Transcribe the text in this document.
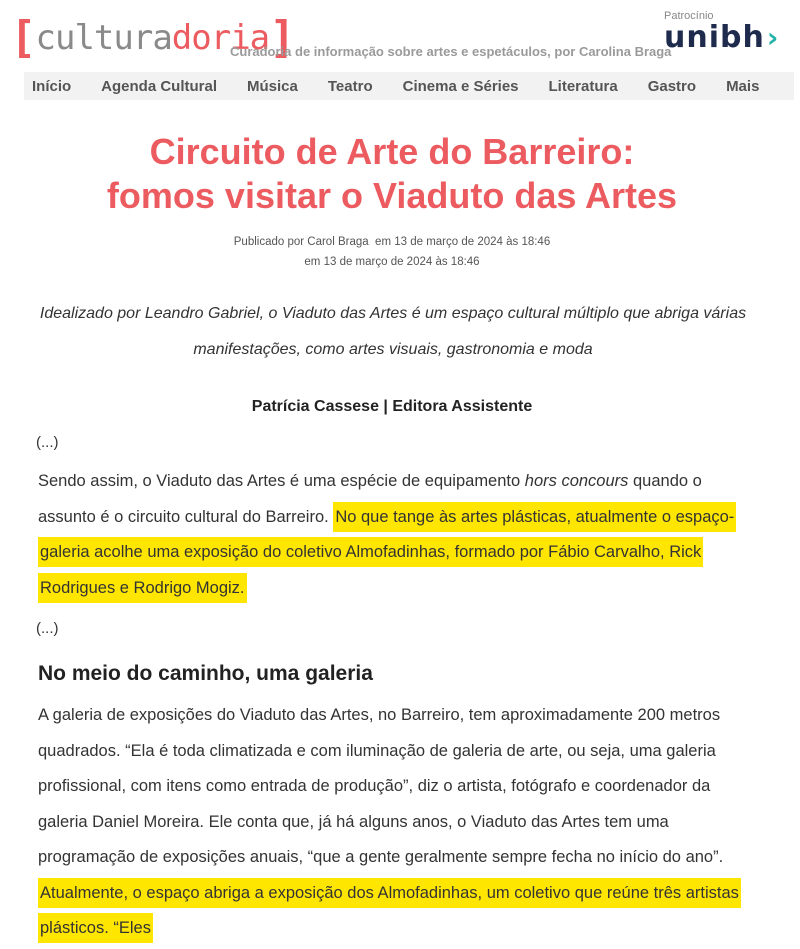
[ cultura doria ]
Curadoria de informação sobre artes e espetáculos, por Carolina Braga
Patrocínio
unibh ›
Início Agenda Cultural Música Teatro Cinema e Séries Literatura Gastro Mais
Circuito de Arte do Barreiro:
fomos visitar o Viaduto das Artes
Publicado por Carol Braga em 13 de março de 2024 às 18:46
em 13 de março de 2024 às 18:46
Idealizado por Leandro Gabriel, o Viaduto das Artes é um espaço cultural múltiplo que abriga várias manifestações, como artes visuais, gastronomia e moda
Patrícia Cassese | Editora Assistente
(...)
Sendo assim, o Viaduto das Artes é uma espécie de equipamento hors concours quando o assunto é o circuito cultural do Barreiro. No que tange às artes plásticas, atualmente o espaço-galeria acolhe uma exposição do coletivo Almofadinhas, formado por Fábio Carvalho, Rick Rodrigues e Rodrigo Mogiz.
(...)
No meio do caminho, uma galeria
A galeria de exposições do Viaduto das Artes, no Barreiro, tem aproximadamente 200 metros quadrados. “Ela é toda climatizada e com iluminação de galeria de arte, ou seja, uma galeria profissional, com itens como entrada de produção”, diz o artista, fotógrafo e coordenador da galeria Daniel Moreira. Ele conta que, já há alguns anos, o Viaduto das Artes tem uma programação de exposições anuais, “que a gente geralmente sempre fecha no início do ano”. Atualmente, o espaço abriga a exposição dos Almofadinhas, um coletivo que reúne três artistas plásticos. “Eles
